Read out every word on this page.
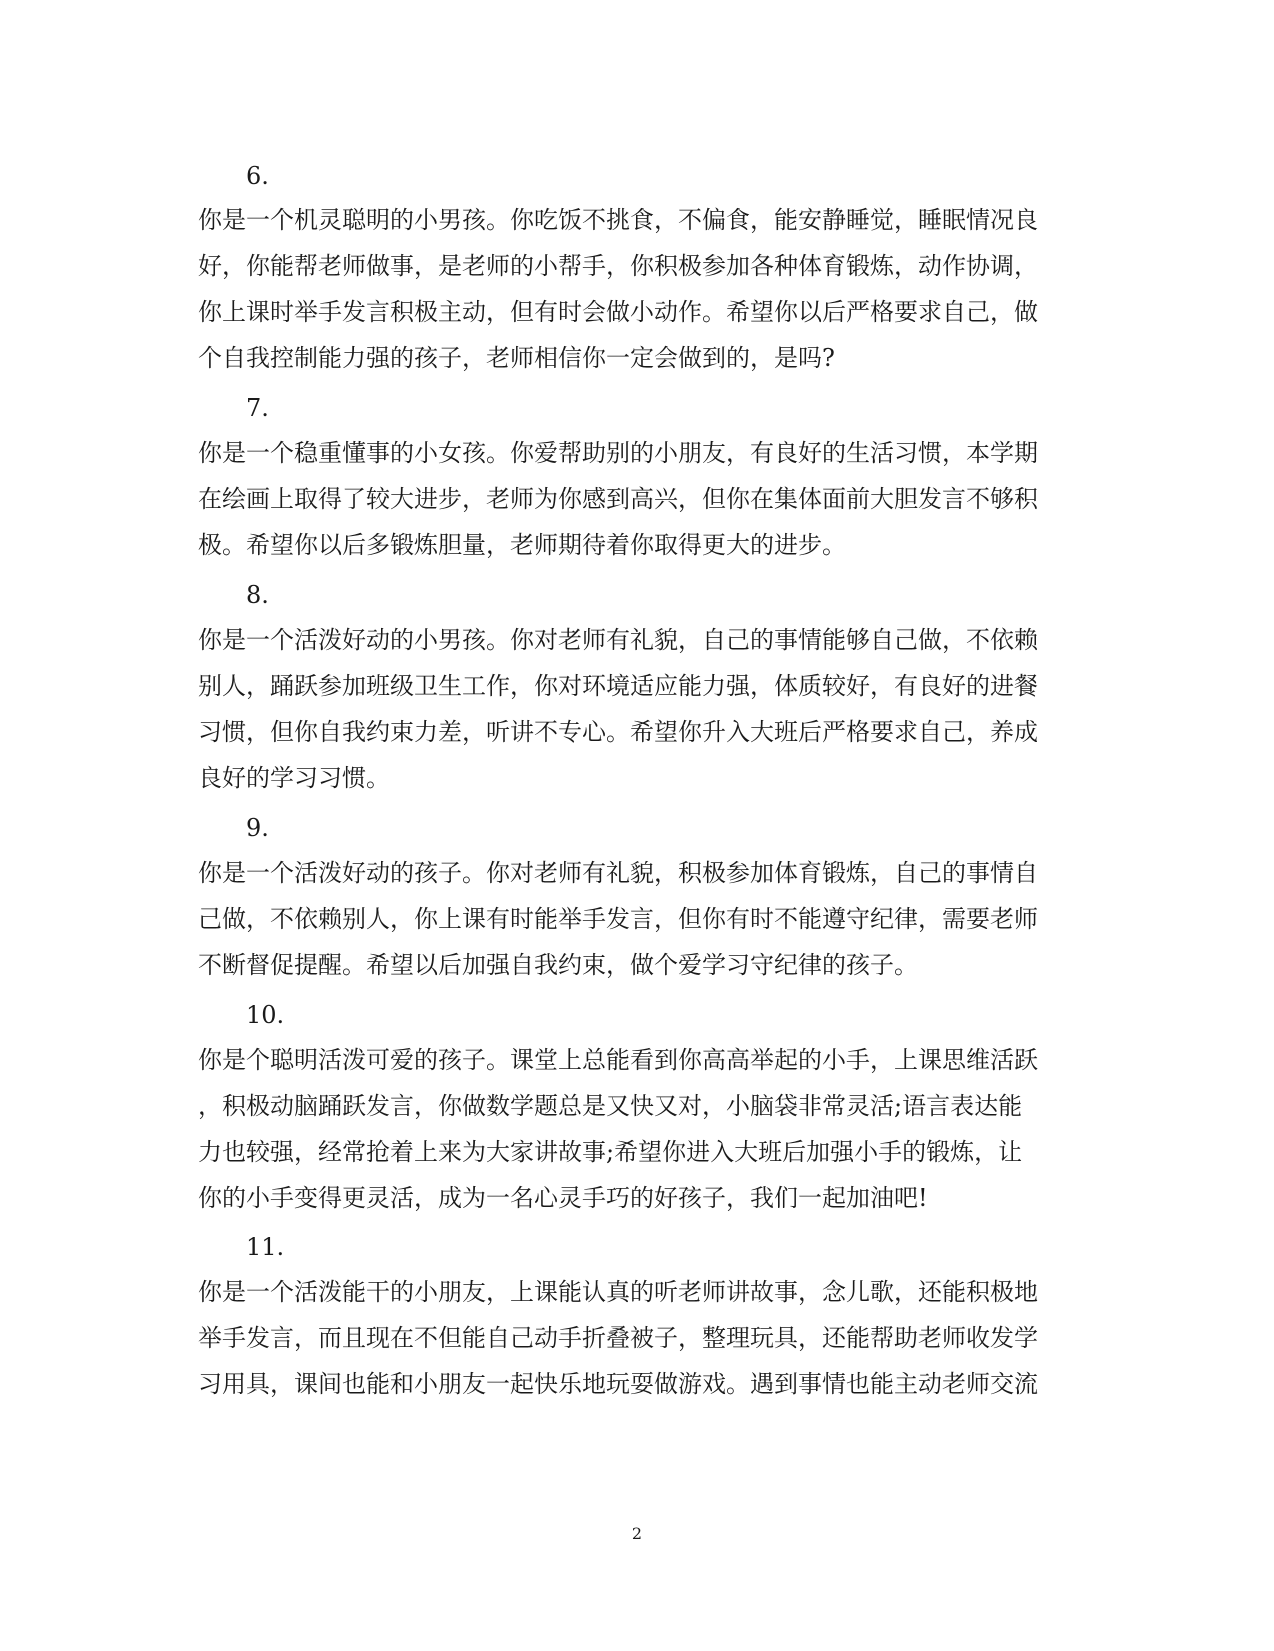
6.
你是一个机灵聪明的小男孩。你吃饭不挑食，不偏食，能安静睡觉，睡眠情况良
好，你能帮老师做事，是老师的小帮手，你积极参加各种体育锻炼，动作协调，
你上课时举手发言积极主动，但有时会做小动作。希望你以后严格要求自己，做
个自我控制能力强的孩子，老师相信你一定会做到的，是吗?
7.
你是一个稳重懂事的小女孩。你爱帮助别的小朋友，有良好的生活习惯，本学期
在绘画上取得了较大进步，老师为你感到高兴，但你在集体面前大胆发言不够积
极。希望你以后多锻炼胆量，老师期待着你取得更大的进步。
8.
你是一个活泼好动的小男孩。你对老师有礼貌，自己的事情能够自己做，不依赖
别人，踊跃参加班级卫生工作，你对环境适应能力强，体质较好，有良好的进餐
习惯，但你自我约束力差，听讲不专心。希望你升入大班后严格要求自己，养成
良好的学习习惯。
9.
你是一个活泼好动的孩子。你对老师有礼貌，积极参加体育锻炼，自己的事情自
己做，不依赖别人，你上课有时能举手发言，但你有时不能遵守纪律，需要老师
不断督促提醒。希望以后加强自我约束，做个爱学习守纪律的孩子。
10.
你是个聪明活泼可爱的孩子。课堂上总能看到你高高举起的小手，上课思维活跃
，积极动脑踊跃发言，你做数学题总是又快又对，小脑袋非常灵活;语言表达能
力也较强，经常抢着上来为大家讲故事;希望你进入大班后加强小手的锻炼，让
你的小手变得更灵活，成为一名心灵手巧的好孩子，我们一起加油吧!
11.
你是一个活泼能干的小朋友，上课能认真的听老师讲故事，念儿歌，还能积极地
举手发言，而且现在不但能自己动手折叠被子，整理玩具，还能帮助老师收发学
习用具，课间也能和小朋友一起快乐地玩耍做游戏。遇到事情也能主动老师交流
2
